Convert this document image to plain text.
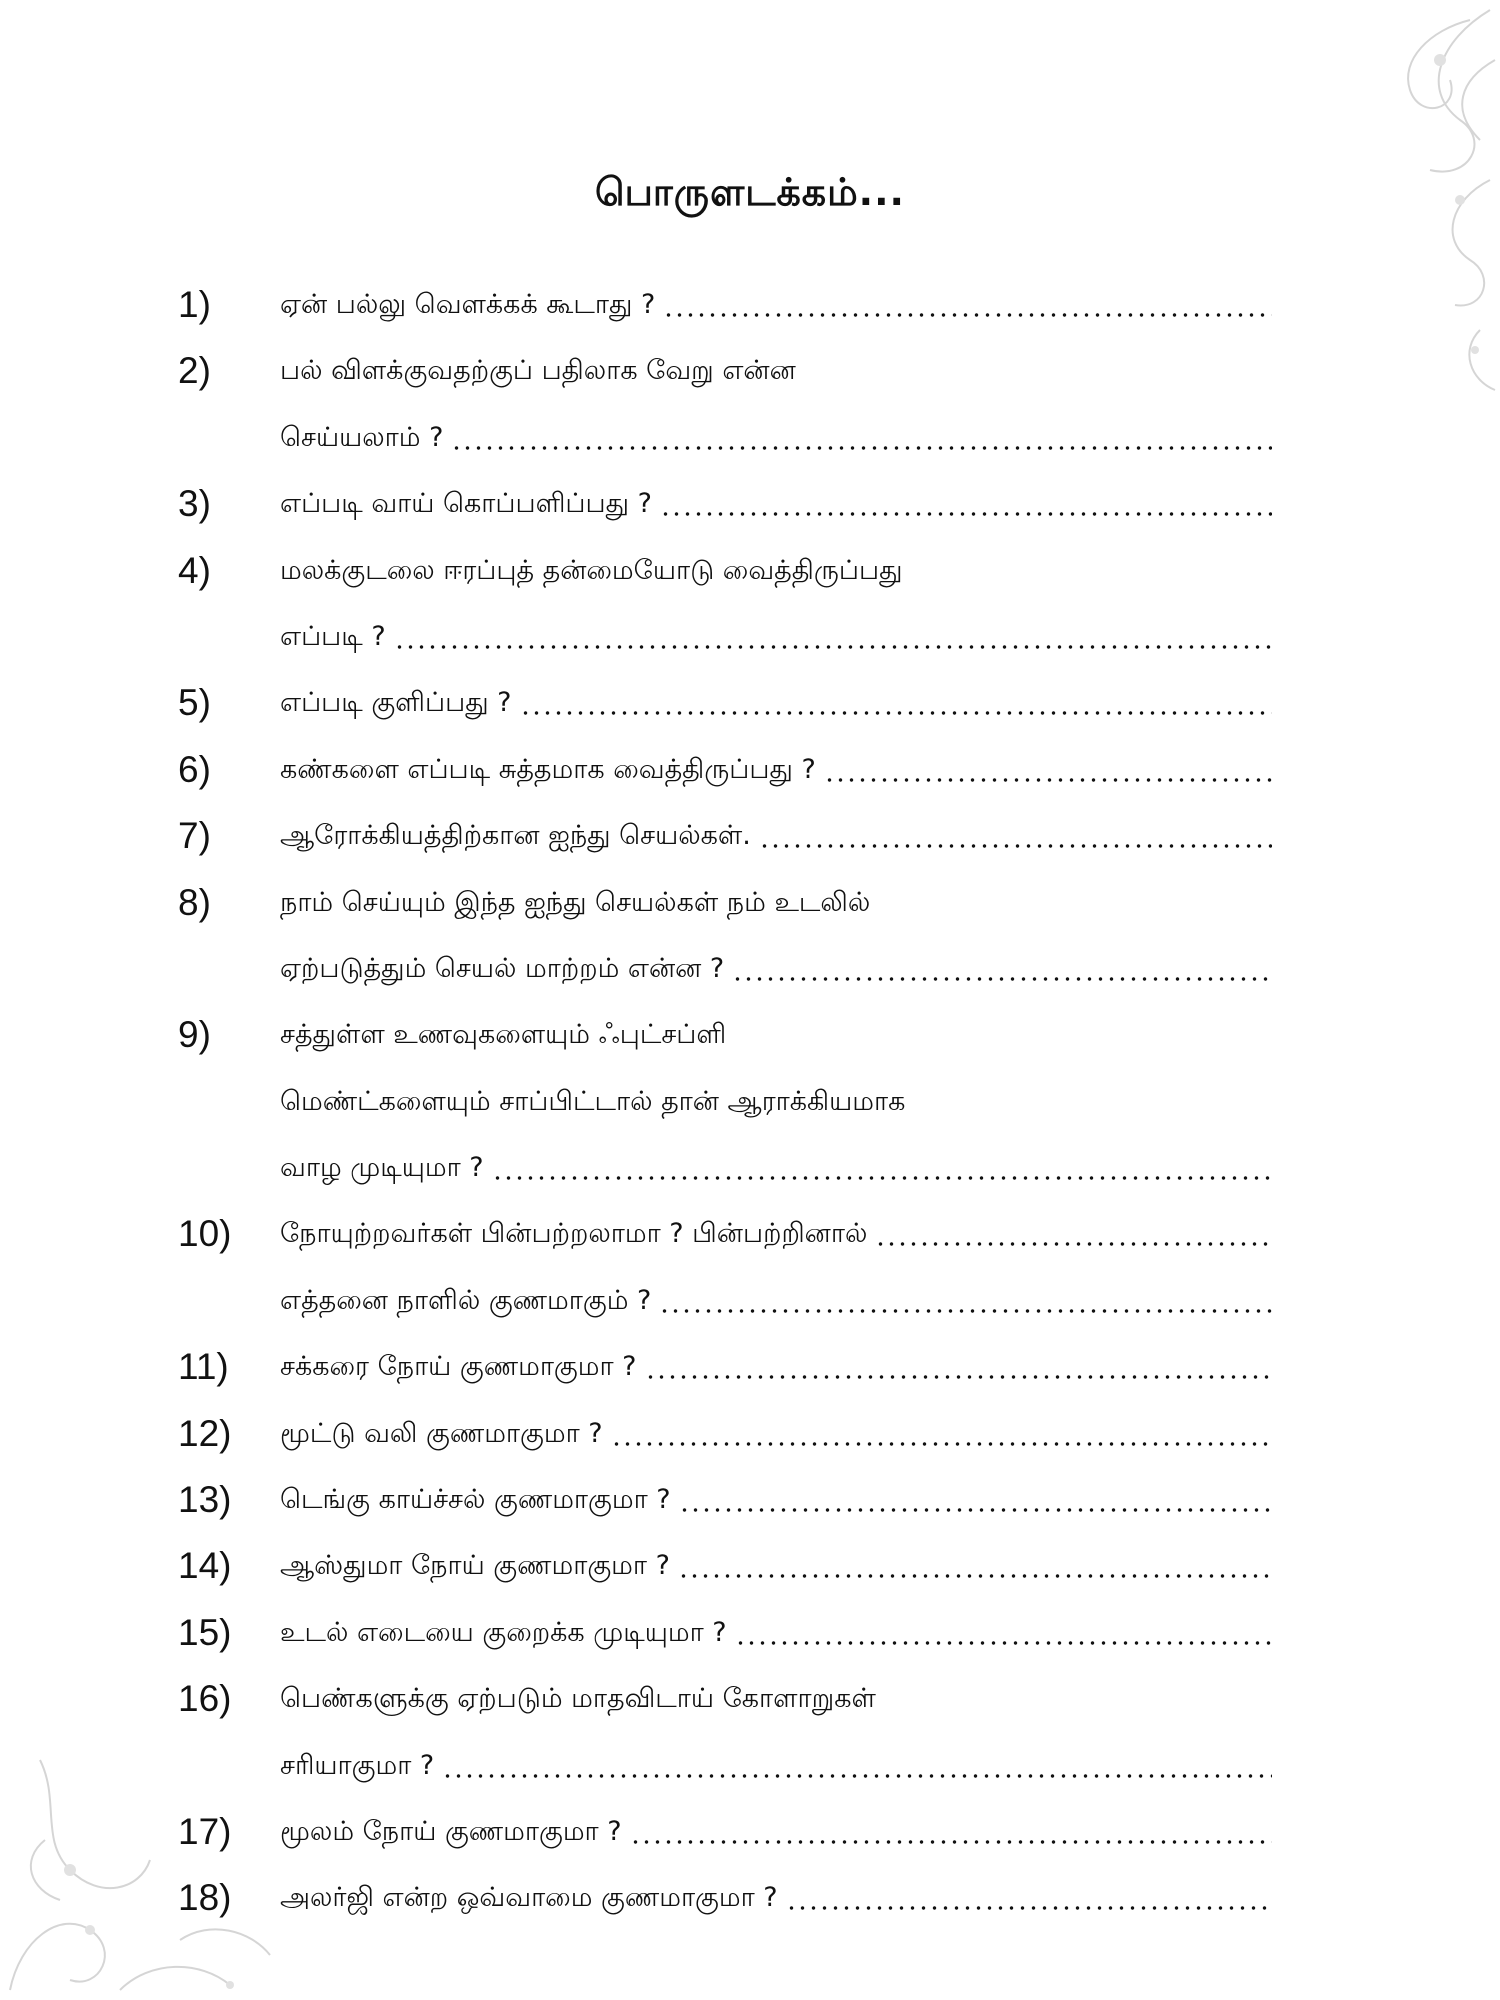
பொருளடக்கம்...
1)	ஏன் பல்லு வெளக்கக் கூடாது ?
2)	பல் விளக்குவதற்குப் பதிலாக வேறு என்ன
செய்யலாம் ?
3)	எப்படி வாய் கொப்பளிப்பது ?
4)	மலக்குடலை ஈரப்புத் தன்மையோடு வைத்திருப்பது
எப்படி ?
5)	எப்படி குளிப்பது ?
6)	கண்களை எப்படி சுத்தமாக வைத்திருப்பது ?
7)	ஆரோக்கியத்திற்கான ஐந்து செயல்கள்.
8)	நாம் செய்யும் இந்த ஐந்து செயல்கள் நம் உடலில்
ஏற்படுத்தும் செயல் மாற்றம் என்ன ?
9)	சத்துள்ள உணவுகளையும் ஃபுட்சப்ளி
மெண்ட்களையும் சாப்பிட்டால் தான் ஆராக்கியமாக
வாழ முடியுமா ?
10)	நோயுற்றவர்கள் பின்பற்றலாமா ? பின்பற்றினால்
எத்தனை நாளில் குணமாகும் ?
11)	சக்கரை நோய் குணமாகுமா ?
12)	மூட்டு வலி குணமாகுமா ?
13)	டெங்கு காய்ச்சல் குணமாகுமா ?
14)	ஆஸ்துமா நோய் குணமாகுமா ?
15)	உடல் எடையை குறைக்க முடியுமா ?
16)	பெண்களுக்கு ஏற்படும் மாதவிடாய் கோளாறுகள்
சரியாகுமா ?
17)	மூலம் நோய் குணமாகுமா ?
18)	அலர்ஜி என்ற ஒவ்வாமை குணமாகுமா ?
